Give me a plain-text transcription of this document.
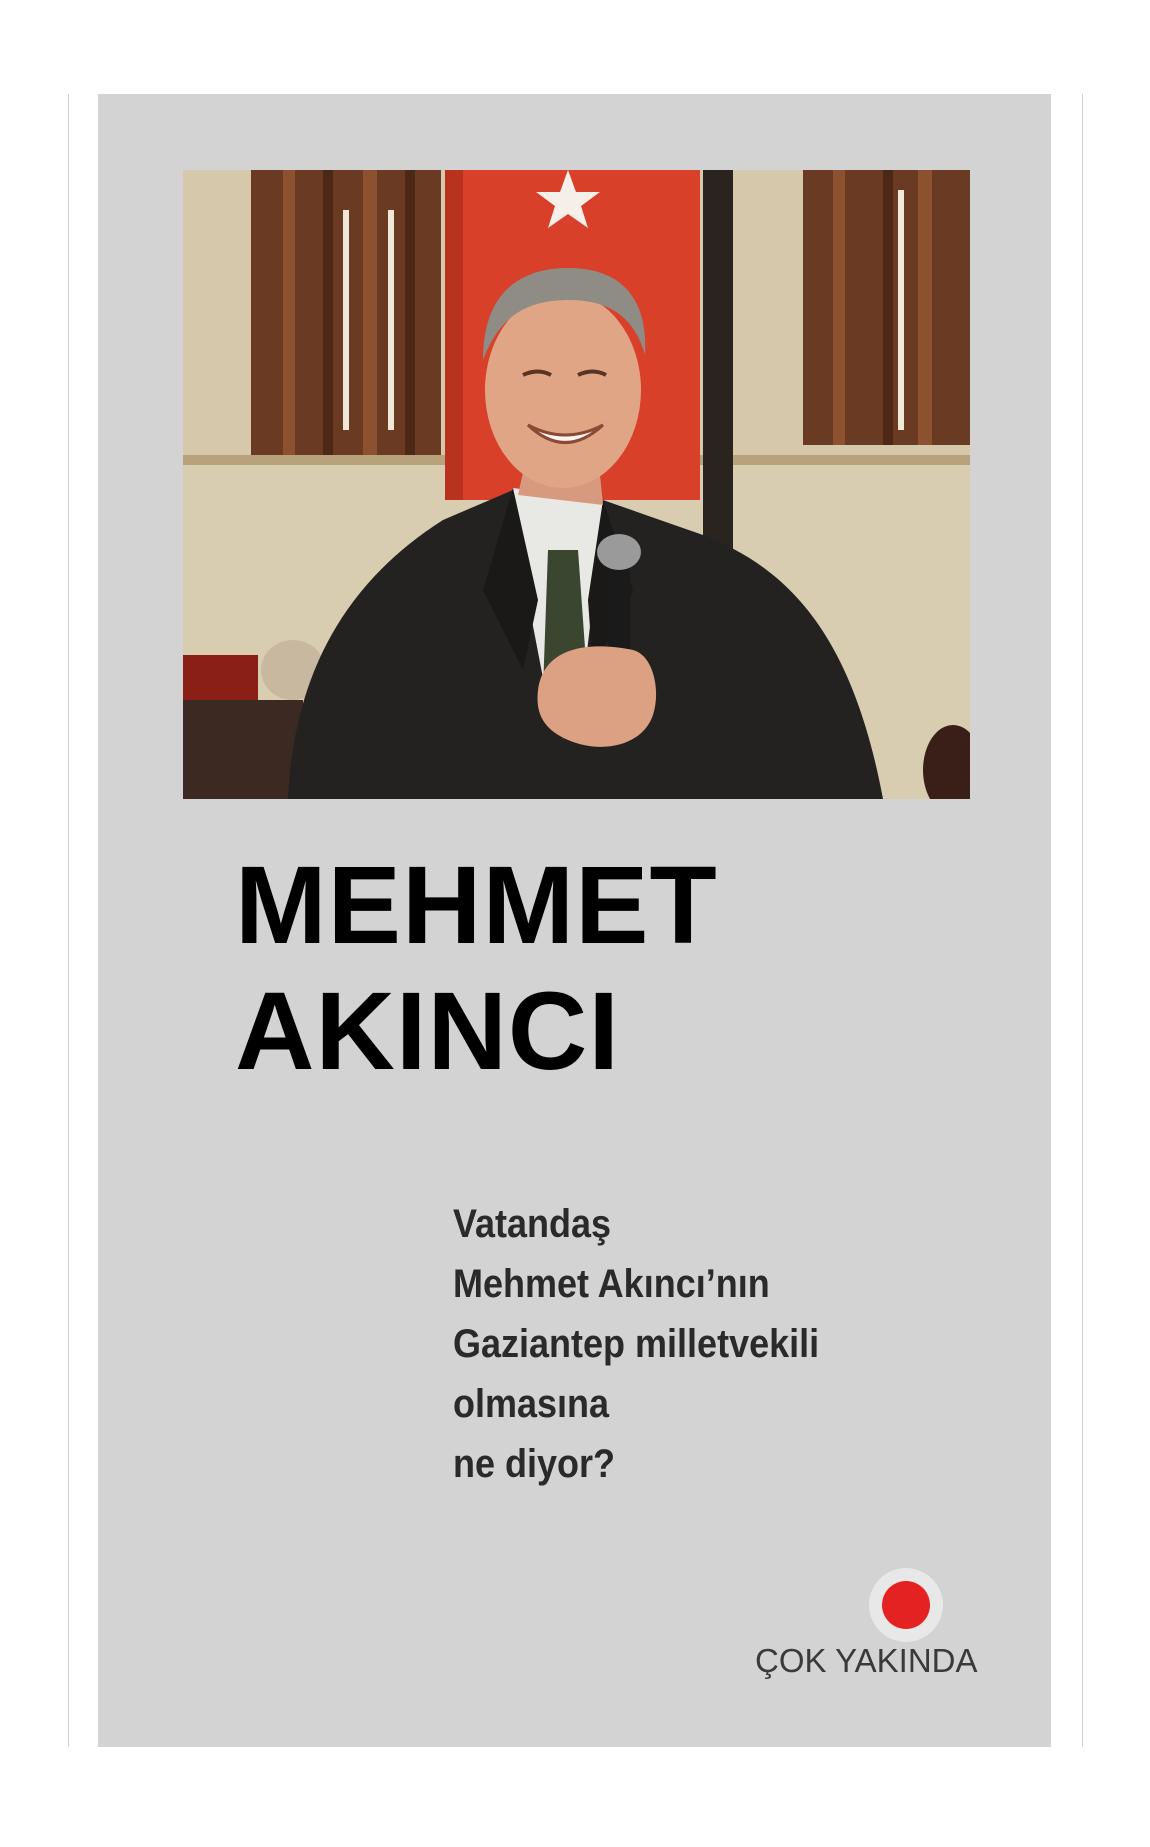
MEHMET
AKINCI

Vatandaş
Mehmet Akıncı’nın
Gaziantep milletvekili
olmasına
ne diyor?

ÇOK YAKINDA
